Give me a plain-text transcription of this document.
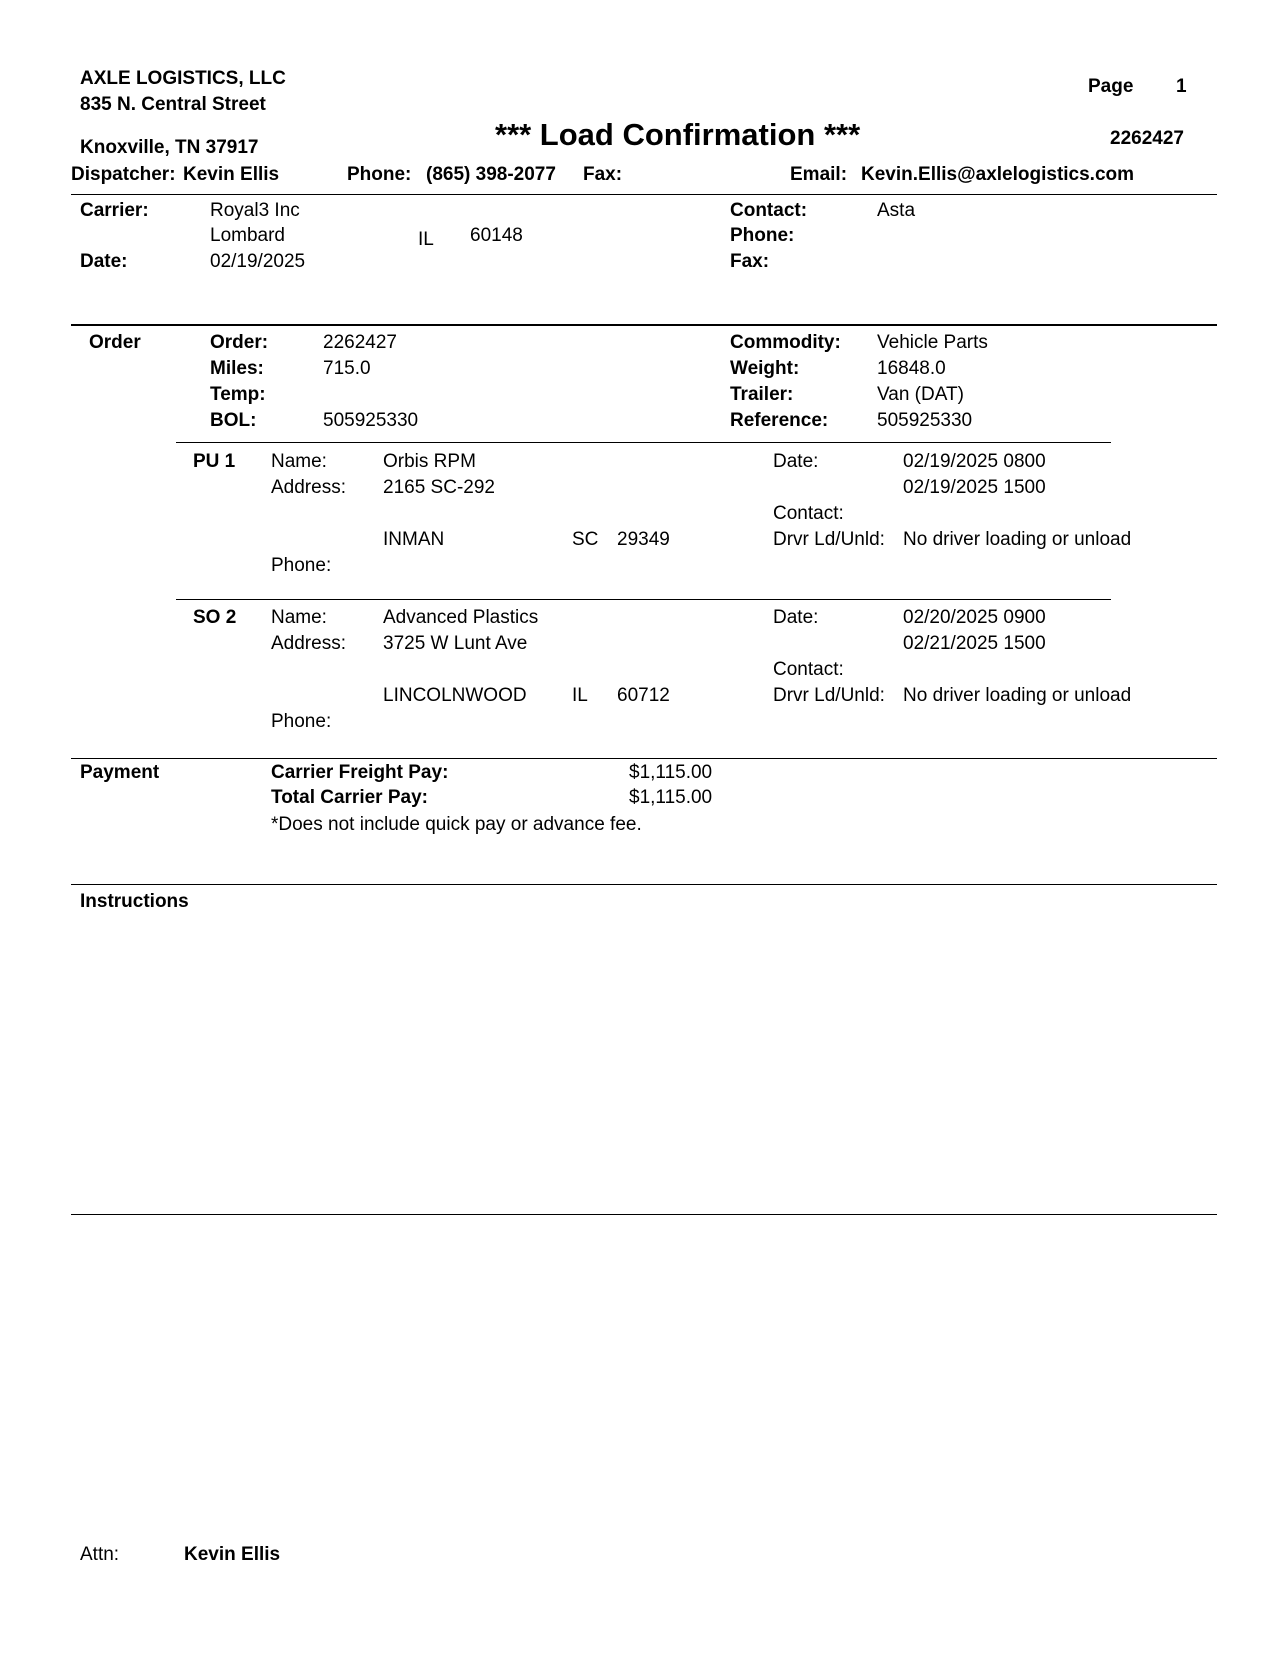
AXLE LOGISTICS, LLC
835 N. Central Street
Knoxville, TN 37917
Page 1
*** Load Confirmation ***	2262427
Dispatcher: Kevin Ellis	Phone: (865) 398-2077 Fax:	Email: Kevin.Ellis@axlelogistics.com
Carrier:	Royal3 Inc
Lombard	IL 60148
Date:	02/19/2025
Contact:	Asta
Phone:
Fax:
Order	Order:	2262427
Miles:	715.0
Temp:
BOL:	505925330
Commodity: Vehicle Parts
Weight:	16848.0
Trailer:	Van (DAT)
Reference:	505925330
PU 1 Name:	Orbis RPM
Address: 2165 SC-292
INMAN	SC 29349
Phone:
Date:	02/19/2025 0800
02/19/2025 1500
Contact:
Drvr Ld/Unld: No driver loading or unload
SO 2 Name:	Advanced Plastics
Address: 3725 W Lunt Ave
LINCOLNWOOD IL 60712
Phone:
Date:	02/20/2025 0900
02/21/2025 1500
Contact:
Drvr Ld/Unld: No driver loading or unload
Payment	Carrier Freight Pay:	$1,115.00
Total Carrier Pay:	$1,115.00
*Does not include quick pay or advance fee.
Instructions
Attn:	Kevin Ellis
